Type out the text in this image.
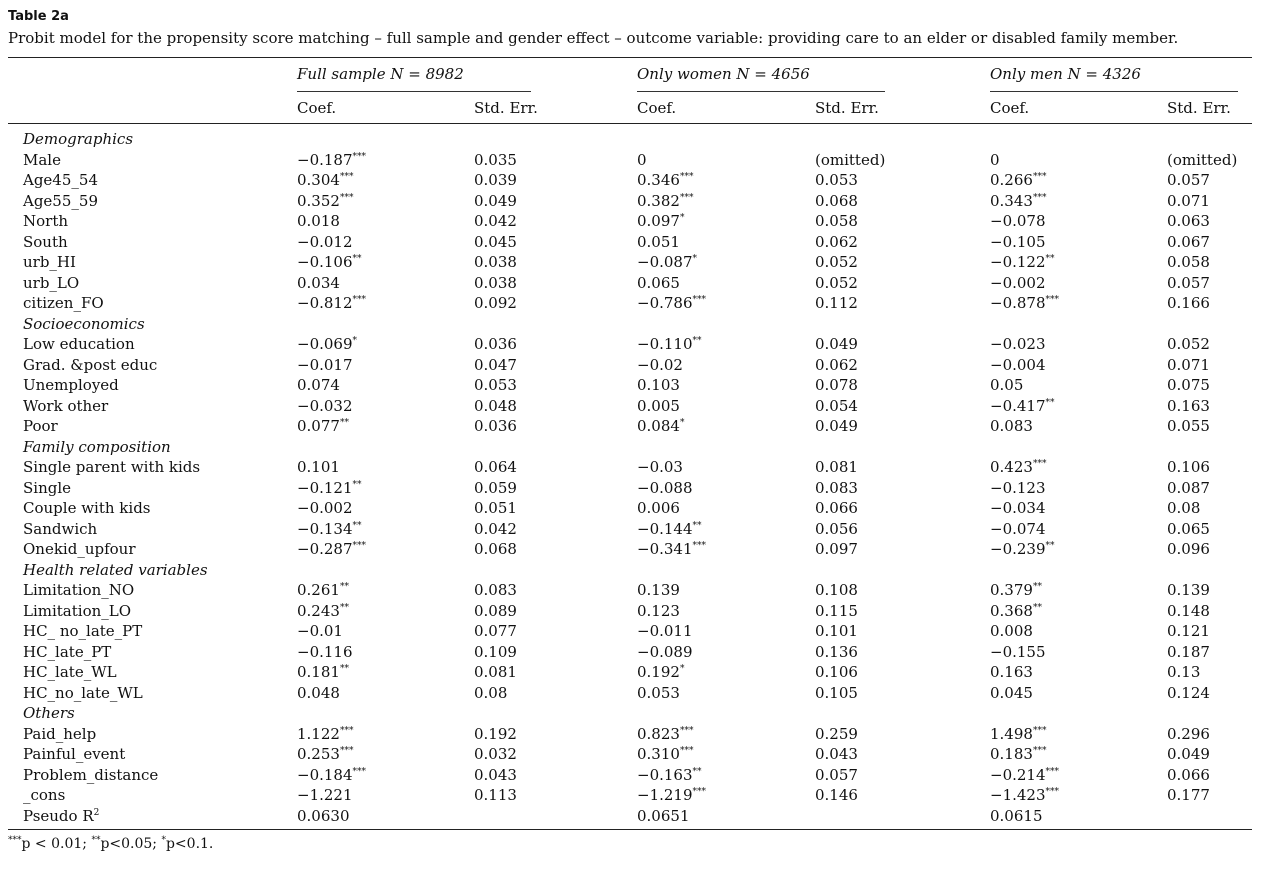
Table 2a
Probit model for the propensity score matching – full sample and gender effect – outcome variable: providing care to an elder or disabled family member.
Full sample N = 8982	Only women N = 4656	Only men N = 4326
Coef.	Std. Err.	Coef.	Std. Err.	Coef.	Std. Err.
Demographics						
Male	−0.187***	0.035	0	(omitted)	0	(omitted)
Age45_54	0.304***	0.039	0.346***	0.053	0.266***	0.057
Age55_59	0.352***	0.049	0.382***	0.068	0.343***	0.071
North	0.018	0.042	0.097*	0.058	−0.078	0.063
South	−0.012	0.045	0.051	0.062	−0.105	0.067
urb_HI	−0.106**	0.038	−0.087*	0.052	−0.122**	0.058
urb_LO	0.034	0.038	0.065	0.052	−0.002	0.057
citizen_FO	−0.812***	0.092	−0.786***	0.112	−0.878***	0.166
Socioeconomics						
Low education	−0.069*	0.036	−0.110**	0.049	−0.023	0.052
Grad. &post educ	−0.017	0.047	−0.02	0.062	−0.004	0.071
Unemployed	0.074	0.053	0.103	0.078	0.05	0.075
Work other	−0.032	0.048	0.005	0.054	−0.417**	0.163
Poor	0.077**	0.036	0.084*	0.049	0.083	0.055
Family composition						
Single parent with kids	0.101	0.064	−0.03	0.081	0.423***	0.106
Single	−0.121**	0.059	−0.088	0.083	−0.123	0.087
Couple with kids	−0.002	0.051	0.006	0.066	−0.034	0.08
Sandwich	−0.134**	0.042	−0.144**	0.056	−0.074	0.065
Onekid_upfour	−0.287***	0.068	−0.341***	0.097	−0.239**	0.096
Health related variables						
Limitation_NO	0.261**	0.083	0.139	0.108	0.379**	0.139
Limitation_LO	0.243**	0.089	0.123	0.115	0.368**	0.148
HC_ no_late_PT	−0.01	0.077	−0.011	0.101	0.008	0.121
HC_late_PT	−0.116	0.109	−0.089	0.136	−0.155	0.187
HC_late_WL	0.181**	0.081	0.192*	0.106	0.163	0.13
HC_no_late_WL	0.048	0.08	0.053	0.105	0.045	0.124
Others						
Paid_help	1.122***	0.192	0.823***	0.259	1.498***	0.296
Painful_event	0.253***	0.032	0.310***	0.043	0.183***	0.049
Problem_distance	−0.184***	0.043	−0.163**	0.057	−0.214***	0.066
_cons	−1.221	0.113	−1.219***	0.146	−1.423***	0.177
Pseudo $R^2$	0.0630		0.0651		0.0615	
***p < 0.01; **p<0.05; *p<0.1.
